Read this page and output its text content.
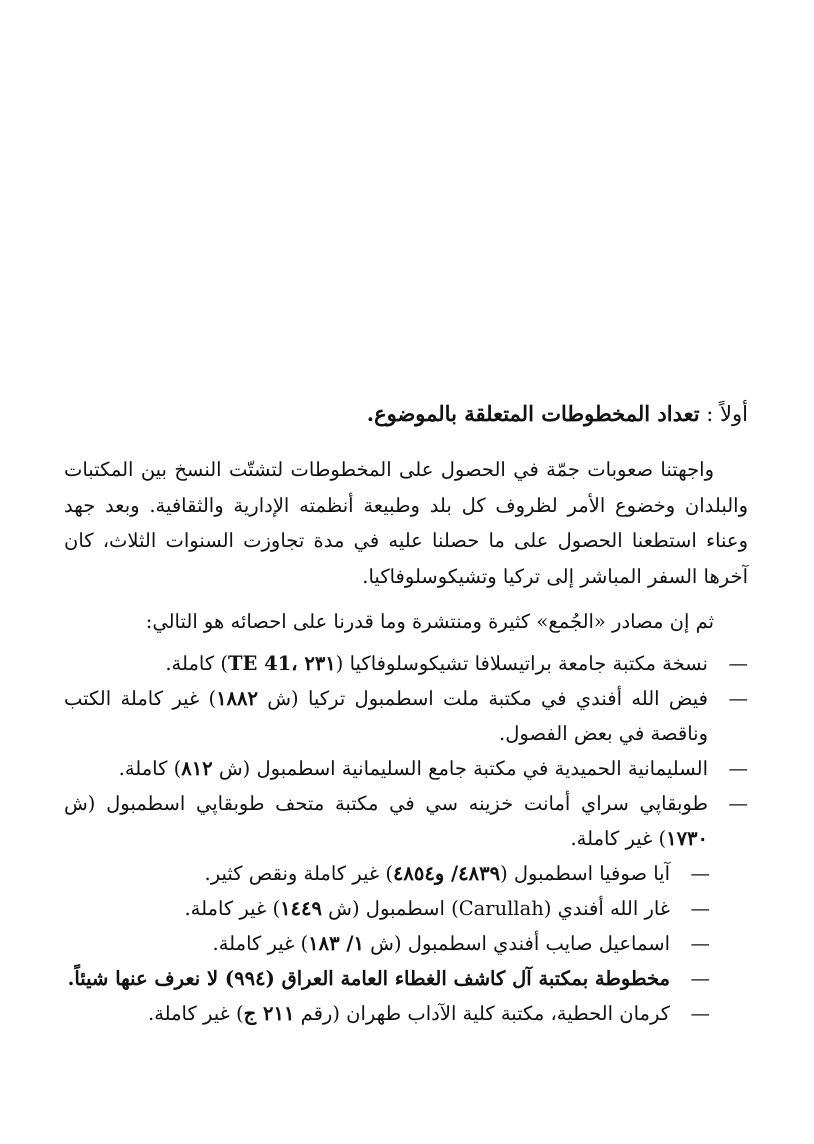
أولاً : تعداد المخطوطات المتعلقة بالموضوع.

واجهتنا صعوبات جمّة في الحصول على المخطوطات لتشتّت النسخ بين المكتبات والبلدان وخضوع الأمر لظروف كل بلد وطبيعة أنظمته الإدارية والثقافية. وبعد جهد وعناء استطعنا الحصول على ما حصلنا عليه في مدة تجاوزت السنوات الثلاث، كان آخرها السفر المباشر إلى تركيا وتشيكوسلوفاكيا.

ثم إن مصادر «الجُمع» كثيرة ومنتشرة وما قدرنا على احصائه هو التالي:

—
نسخة مكتبة جامعة براتيسلافا تشيكوسلوفاكيا (٢٣١ ،TE 41) كاملة.
—
فيض الله أفندي في مكتبة ملت اسطمبول تركيا (ش ١٨٨٢) غير كاملة الكتب وناقصة في بعض الفصول.
—
السليمانية الحميدية في مكتبة جامع السليمانية اسطمبول (ش ٨١٢) كاملة.
—
طوبقاپي سراي أمانت خزينه سي في مكتبة متحف طوبقاپي اسطمبول (ش ١٧٣٠) غير كاملة.
—
آيا صوفيا اسطمبول (٤٨٣٩/ و٤٨٥٤) غير كاملة ونقص كثير.
—
غار الله أفندي (Carullah) اسطمبول (ش ١٤٤٩) غير كاملة.
—
اسماعيل صايب أفندي اسطمبول (ش ١/ ١٨٣) غير كاملة.
—
مخطوطة بمكتبة آل كاشف الغطاء العامة العراق (٩٩٤) لا نعرف عنها شيئاً.
—
كرمان الحطية، مكتبة كلية الآداب طهران (رقم ٢١١ ج) غير كاملة.
